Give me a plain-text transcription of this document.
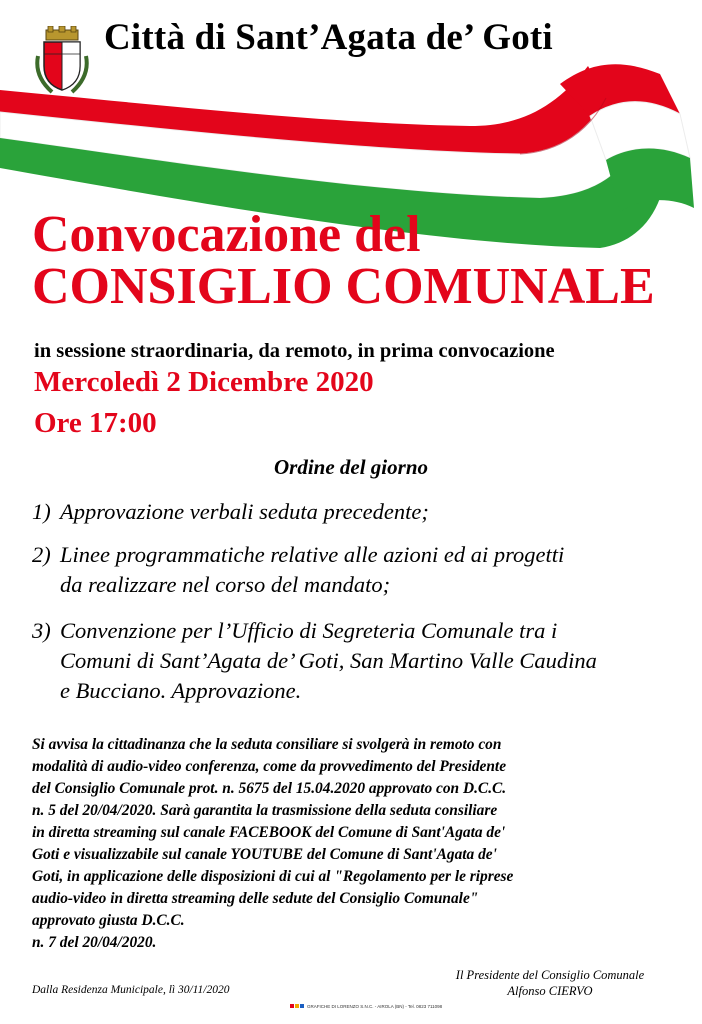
Città di Sant’Agata de’ Goti
Convocazione del
CONSIGLIO COMUNALE
in sessione straordinaria, da remoto, in prima convocazione
Mercoledì 2 Dicembre 2020
Ore 17:00
Ordine del giorno
1) Approvazione verbali seduta precedente;
2) Linee programmatiche relative alle azioni ed ai progetti
da realizzare nel corso del mandato;
3) Convenzione per l’Ufficio di Segreteria Comunale tra i
Comuni di Sant’Agata de’ Goti, San Martino Valle Caudina
e Bucciano. Approvazione.
Si avvisa la cittadinanza che la seduta consiliare si svolgerà in remoto con
modalità di audio-video conferenza, come da provvedimento del Presidente
del Consiglio Comunale prot. n. 5675 del 15.04.2020 approvato con D.C.C.
n. 5 del 20/04/2020. Sarà garantita la trasmissione della seduta consiliare
in diretta streaming sul canale FACEBOOK del Comune di Sant'Agata de'
Goti e visualizzabile sul canale YOUTUBE del Comune di Sant'Agata de'
Goti, in applicazione delle disposizioni di cui al "Regolamento per le riprese
audio-video in diretta streaming delle sedute del Consiglio Comunale"
approvato giusta D.C.C.
n. 7 del 20/04/2020.
Dalla Residenza Municipale, lì 30/11/2020
Il Presidente del Consiglio Comunale
Alfonso CIERVO
GRAFICHE DI LORENZO S.N.C. - AIROLA (BN) - Tel. 0823 711098
